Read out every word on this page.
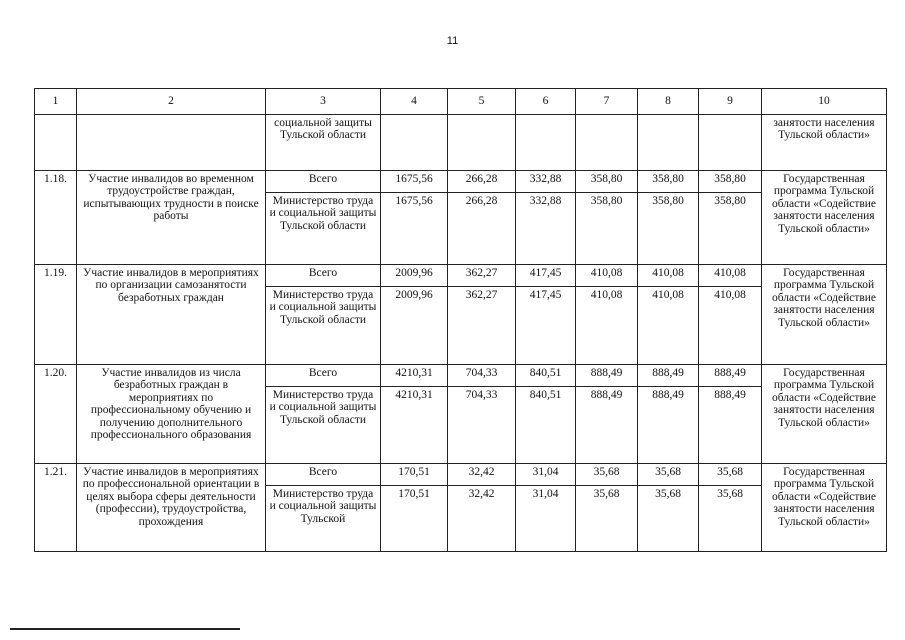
11
1	2	3	4	5	6	7	8	9	10
		социальной защиты Тульской области							занятости населения Тульской области»
1.18.	Участие инвалидов во временном трудоустройстве граждан, испытывающих трудности в поиске работы	Всего	1675,56	266,28	332,88	358,80	358,80	358,80	Государственная программа Тульской области «Содействие занятости населения Тульской области»
		Министерство труда и социальной защиты Тульской области	1675,56	266,28	332,88	358,80	358,80	358,80	
1.19.	Участие инвалидов в мероприятиях по организации самозанятости безработных граждан	Всего	2009,96	362,27	417,45	410,08	410,08	410,08	Государственная программа Тульской области «Содействие занятости населения Тульской области»
		Министерство труда и социальной защиты Тульской области	2009,96	362,27	417,45	410,08	410,08	410,08	
1.20.	Участие инвалидов из числа безработных граждан в мероприятиях по профессиональному обучению и получению дополнительного профессионального образования	Всего	4210,31	704,33	840,51	888,49	888,49	888,49	Государственная программа Тульской области «Содействие занятости населения Тульской области»
		Министерство труда и социальной защиты Тульской области	4210,31	704,33	840,51	888,49	888,49	888,49	
1.21.	Участие инвалидов в мероприятиях по профессиональной ориентации в целях выбора сферы деятельности (профессии), трудоустройства, прохождения	Всего	170,51	32,42	31,04	35,68	35,68	35,68	Государственная программа Тульской области «Содействие занятости населения Тульской области»
		Министерство труда и социальной защиты Тульской	170,51	32,42	31,04	35,68	35,68	35,68	
